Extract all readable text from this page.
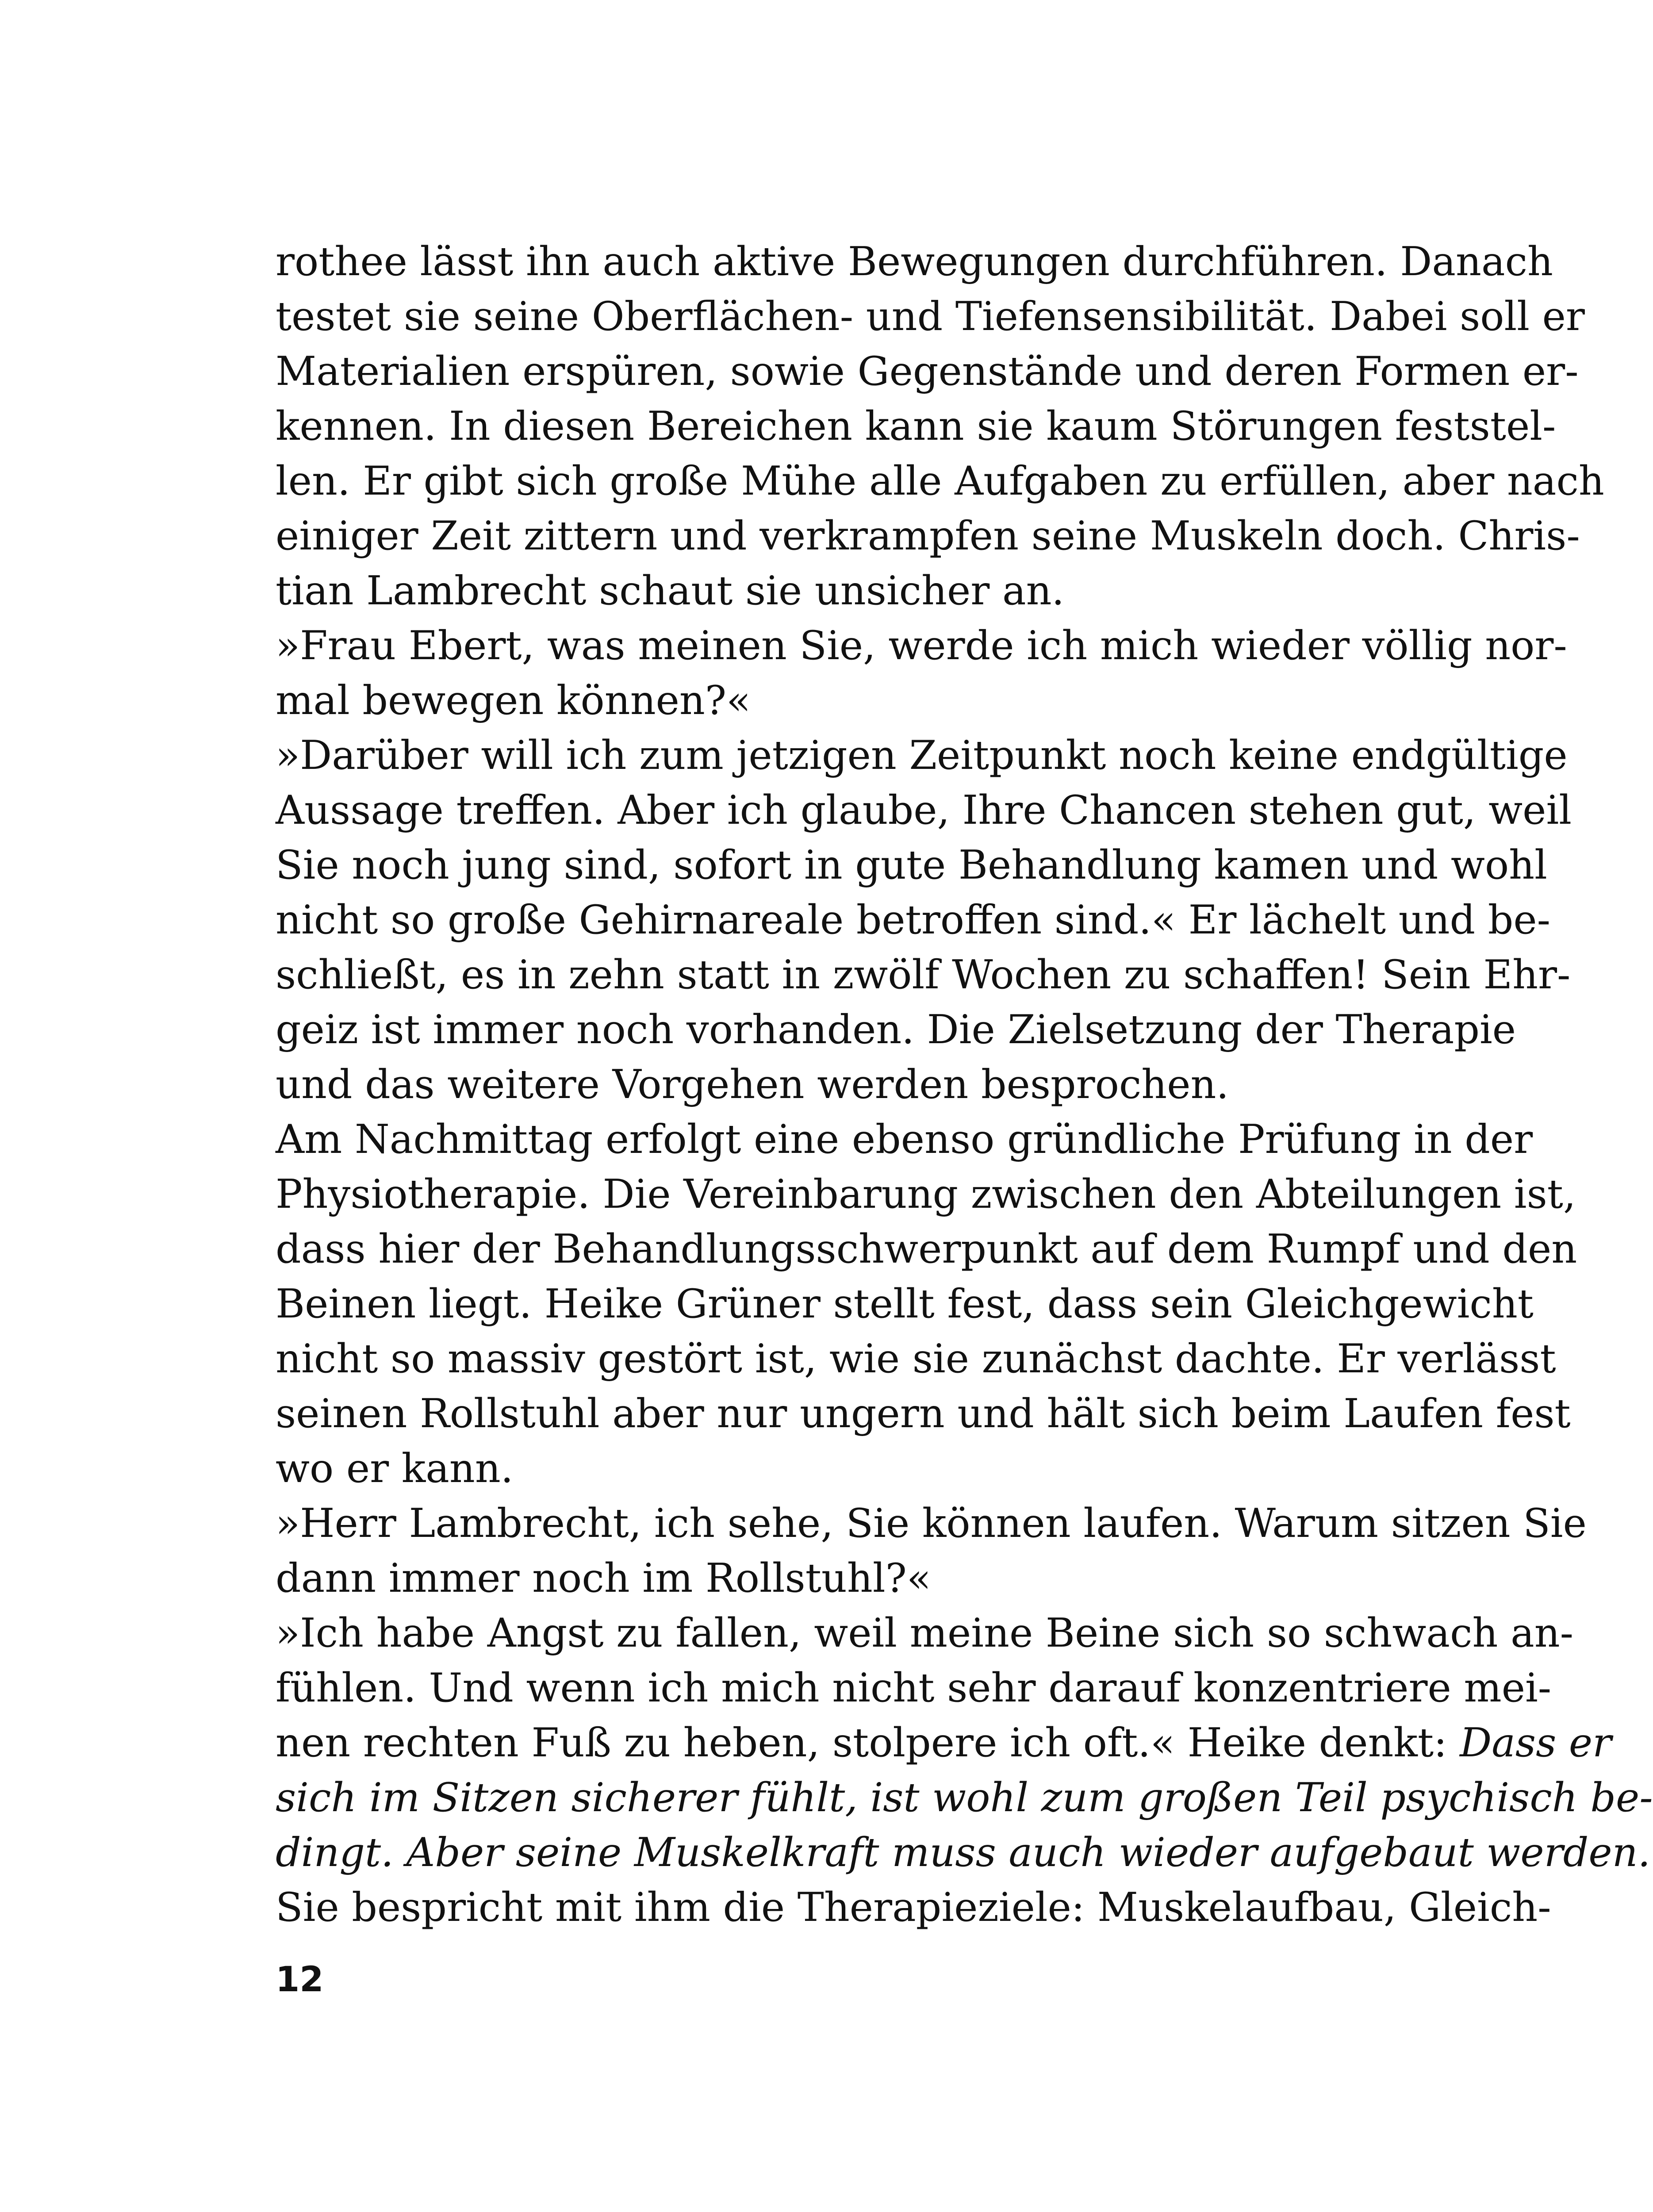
rothee lässt ihn auch aktive Bewegungen durchführen. Danach
testet sie seine Oberflächen- und Tiefensensibilität. Dabei soll er
Materialien erspüren, sowie Gegenstände und deren Formen er-
kennen. In diesen Bereichen kann sie kaum Störungen feststel-
len. Er gibt sich große Mühe alle Aufgaben zu erfüllen, aber nach
einiger Zeit zittern und verkrampfen seine Muskeln doch. Chris-
tian Lambrecht schaut sie unsicher an.
»Frau Ebert, was meinen Sie, werde ich mich wieder völlig nor-
mal bewegen können?«
»Darüber will ich zum jetzigen Zeitpunkt noch keine endgültige
Aussage treffen. Aber ich glaube, Ihre Chancen stehen gut, weil
Sie noch jung sind, sofort in gute Behandlung kamen und wohl
nicht so große Gehirnareale betroffen sind.« Er lächelt und be-
schließt, es in zehn statt in zwölf Wochen zu schaffen! Sein Ehr-
geiz ist immer noch vorhanden. Die Zielsetzung der Therapie
und das weitere Vorgehen werden besprochen.
Am Nachmittag erfolgt eine ebenso gründliche Prüfung in der
Physiotherapie. Die Vereinbarung zwischen den Abteilungen ist,
dass hier der Behandlungsschwerpunkt auf dem Rumpf und den
Beinen liegt. Heike Grüner stellt fest, dass sein Gleichgewicht
nicht so massiv gestört ist, wie sie zunächst dachte. Er verlässt
seinen Rollstuhl aber nur ungern und hält sich beim Laufen fest
wo er kann.
»Herr Lambrecht, ich sehe, Sie können laufen. Warum sitzen Sie
dann immer noch im Rollstuhl?«
»Ich habe Angst zu fallen, weil meine Beine sich so schwach an-
fühlen. Und wenn ich mich nicht sehr darauf konzentriere mei-
nen rechten Fuß zu heben, stolpere ich oft.« Heike denkt: Dass er
sich im Sitzen sicherer fühlt, ist wohl zum großen Teil psychisch be-
dingt. Aber seine Muskelkraft muss auch wieder aufgebaut werden.
Sie bespricht mit ihm die Therapieziele: Muskelaufbau, Gleich-
12
